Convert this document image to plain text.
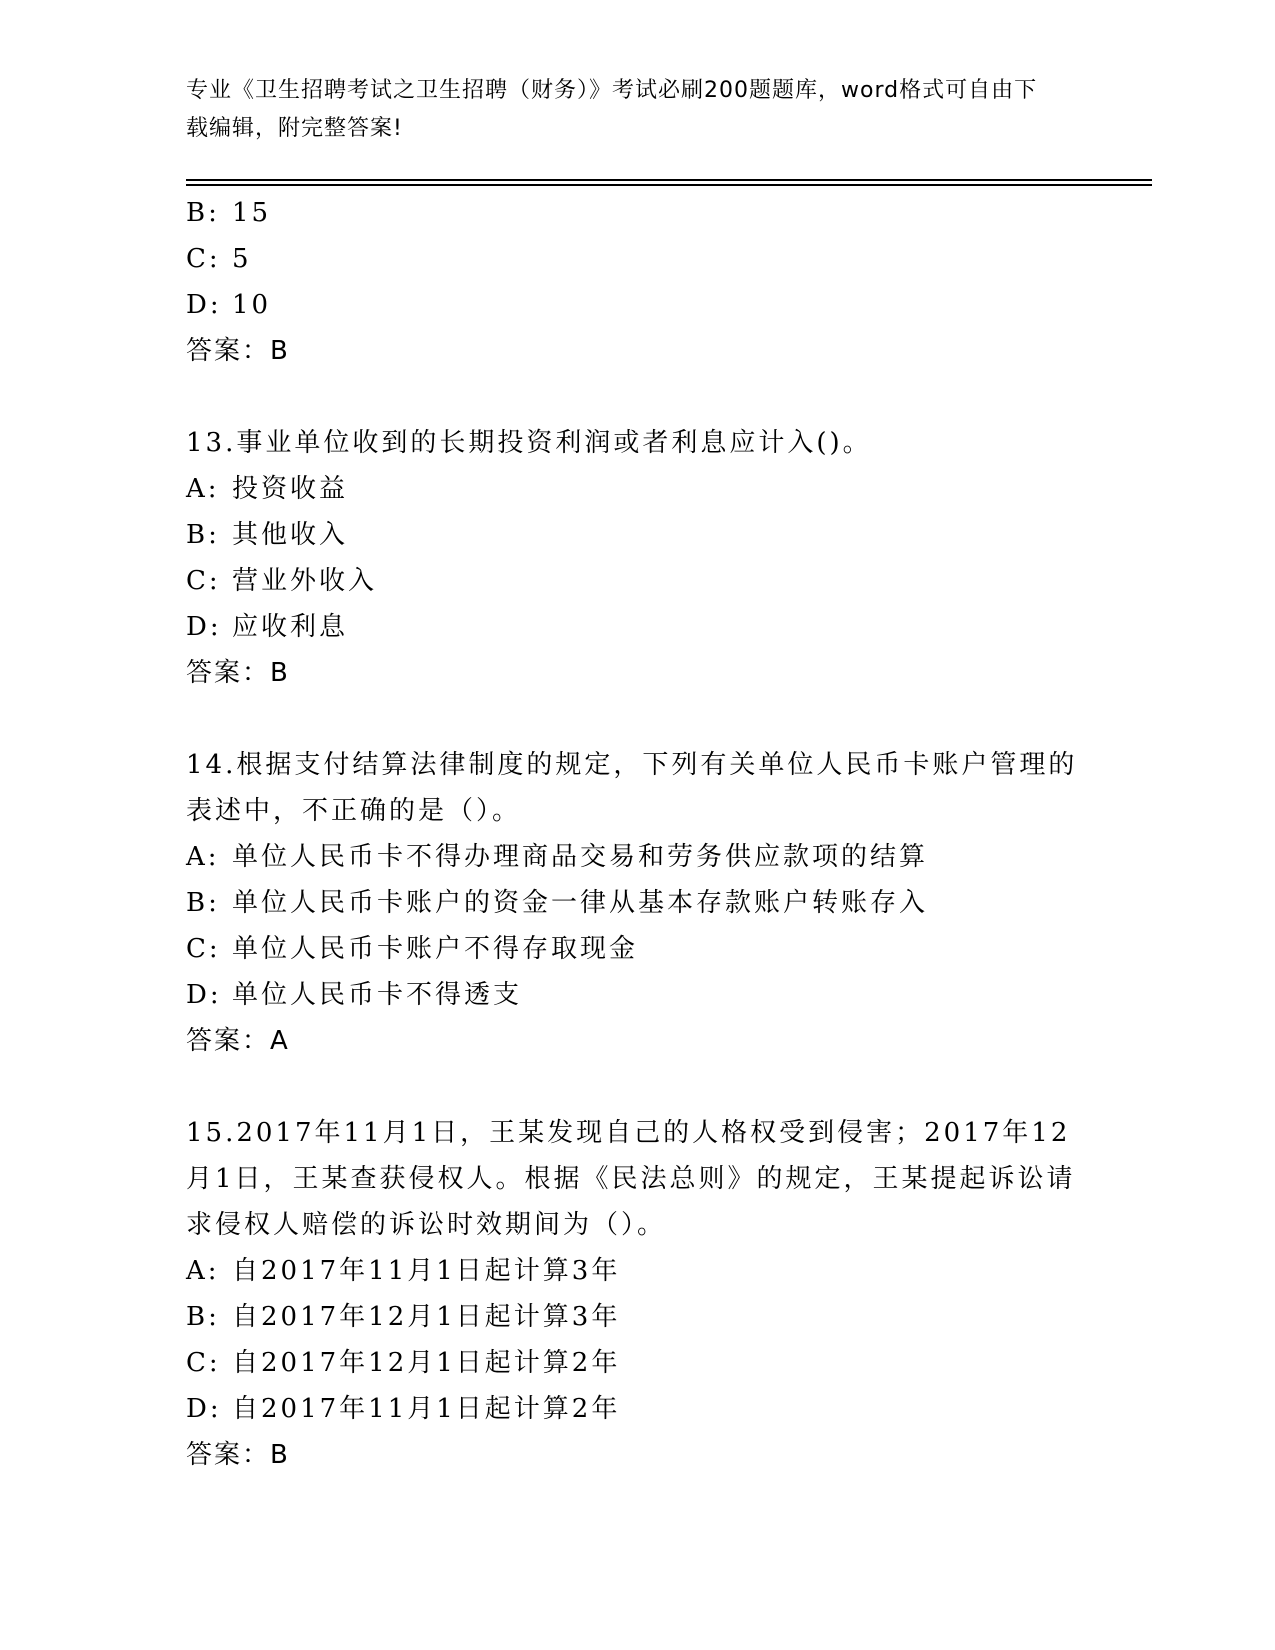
专业《卫生招聘考试之卫生招聘（财务）》考试必刷200题题库，word格式可自由下载编辑，附完整答案!
B: 15
C: 5
D: 10
答案：B
13.事业单位收到的长期投资利润或者利息应计入()。
A: 投资收益
B: 其他收入
C: 营业外收入
D: 应收利息
答案：B
14.根据支付结算法律制度的规定，下列有关单位人民币卡账户管理的表述中，不正确的是（）。
A: 单位人民币卡不得办理商品交易和劳务供应款项的结算
B: 单位人民币卡账户的资金一律从基本存款账户转账存入
C: 单位人民币卡账户不得存取现金
D: 单位人民币卡不得透支
答案：A
15.2017年11月1日，王某发现自己的人格权受到侵害；2017年12月1日，王某查获侵权人。根据《民法总则》的规定，王某提起诉讼请求侵权人赔偿的诉讼时效期间为（）。
A: 自2017年11月1日起计算3年
B: 自2017年12月1日起计算3年
C: 自2017年12月1日起计算2年
D: 自2017年11月1日起计算2年
答案：B
